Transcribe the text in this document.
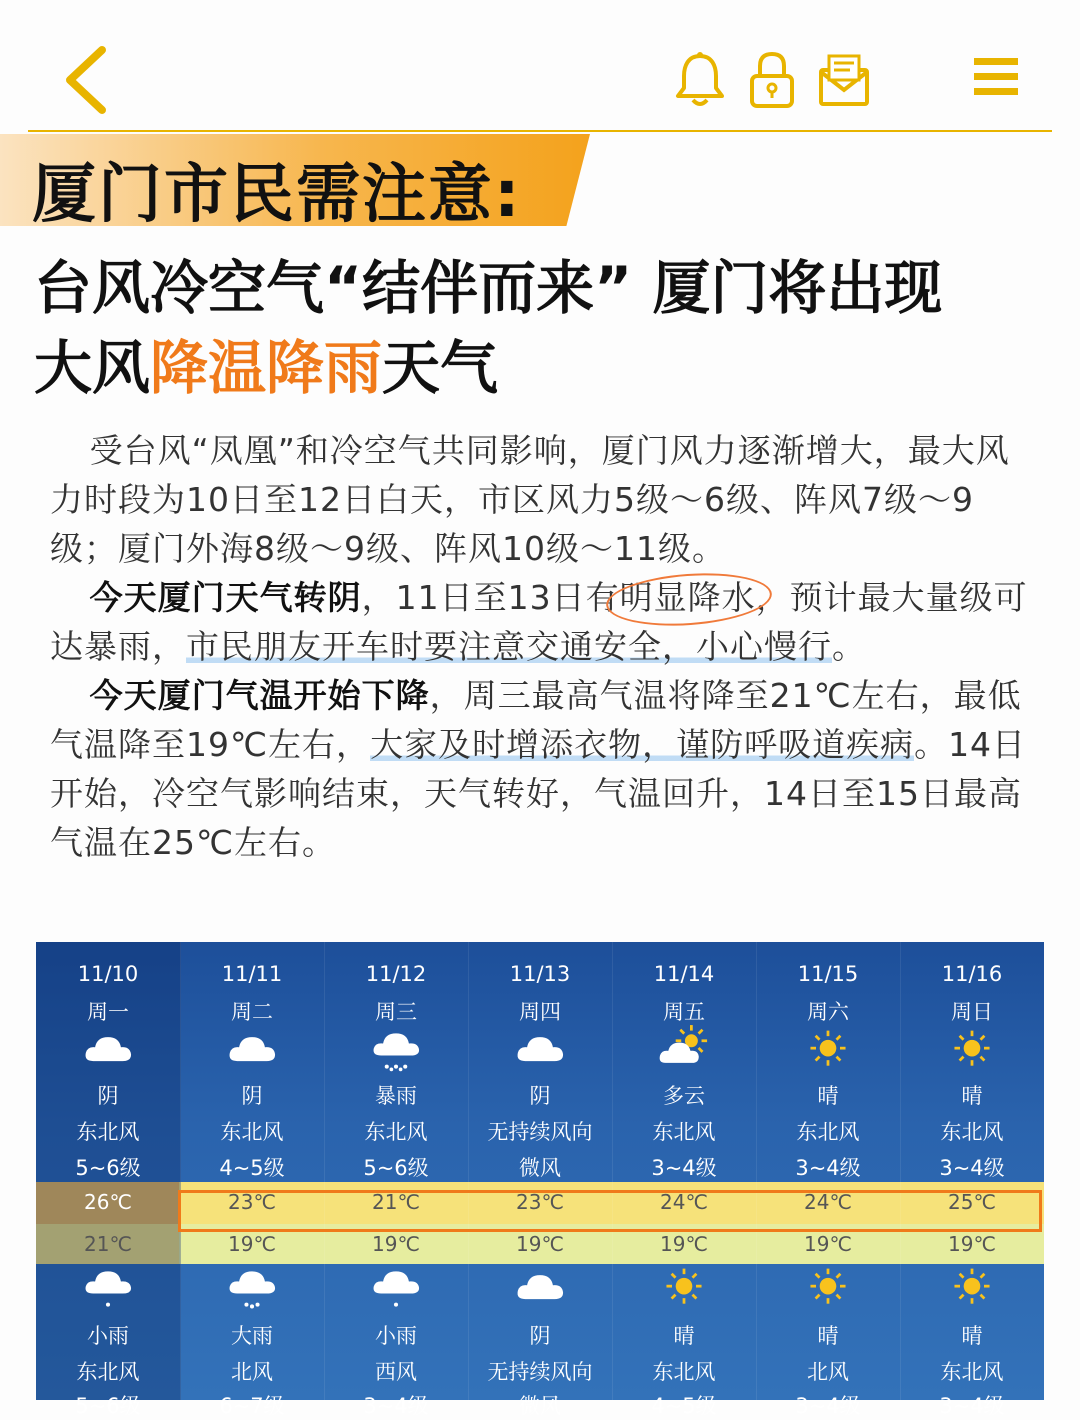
厦门市民需注意:
台风冷空气“结伴而来” 厦门将出现
大风降温降雨天气

受台风“凤凰”和冷空气共同影响，厦门风力逐渐增大，最大风力时段为10日至12日白天，市区风力5级～6级、阵风7级～9级；厦门外海8级～9级、阵风10级～11级。

今天厦门天气转阴，11日至13日有明显降水，预计最大量级可达暴雨，市民朋友开车时要注意交通安全，小心慢行。

今天厦门气温开始下降，周三最高气温将降至21℃左右，最低气温降至19℃左右，大家及时增添衣物，谨防呼吸道疾病。14日开始，冷空气影响结束，天气转好，气温回升，14日至15日最高气温在25℃左右。

11/10
周一
阴
东北风
5~6级
26℃
21℃
小雨
东北风
5~6级
11/11
周二
阴
东北风
4~5级
23℃
19℃
大雨
北风
6~7级
11/12
周三
暴雨
东北风
5~6级
21℃
19℃
小雨
西风
3~4级
11/13
周四
阴
无持续风向
微风
23℃
19℃
阴
无持续风向
微风
11/14
周五
多云
东北风
3~4级
24℃
19℃
晴
东北风
4~5级
11/15
周六
晴
东北风
3~4级
24℃
19℃
晴
北风
3~4级
11/16
周日
晴
东北风
3~4级
25℃
19℃
晴
东北风
3~4级
